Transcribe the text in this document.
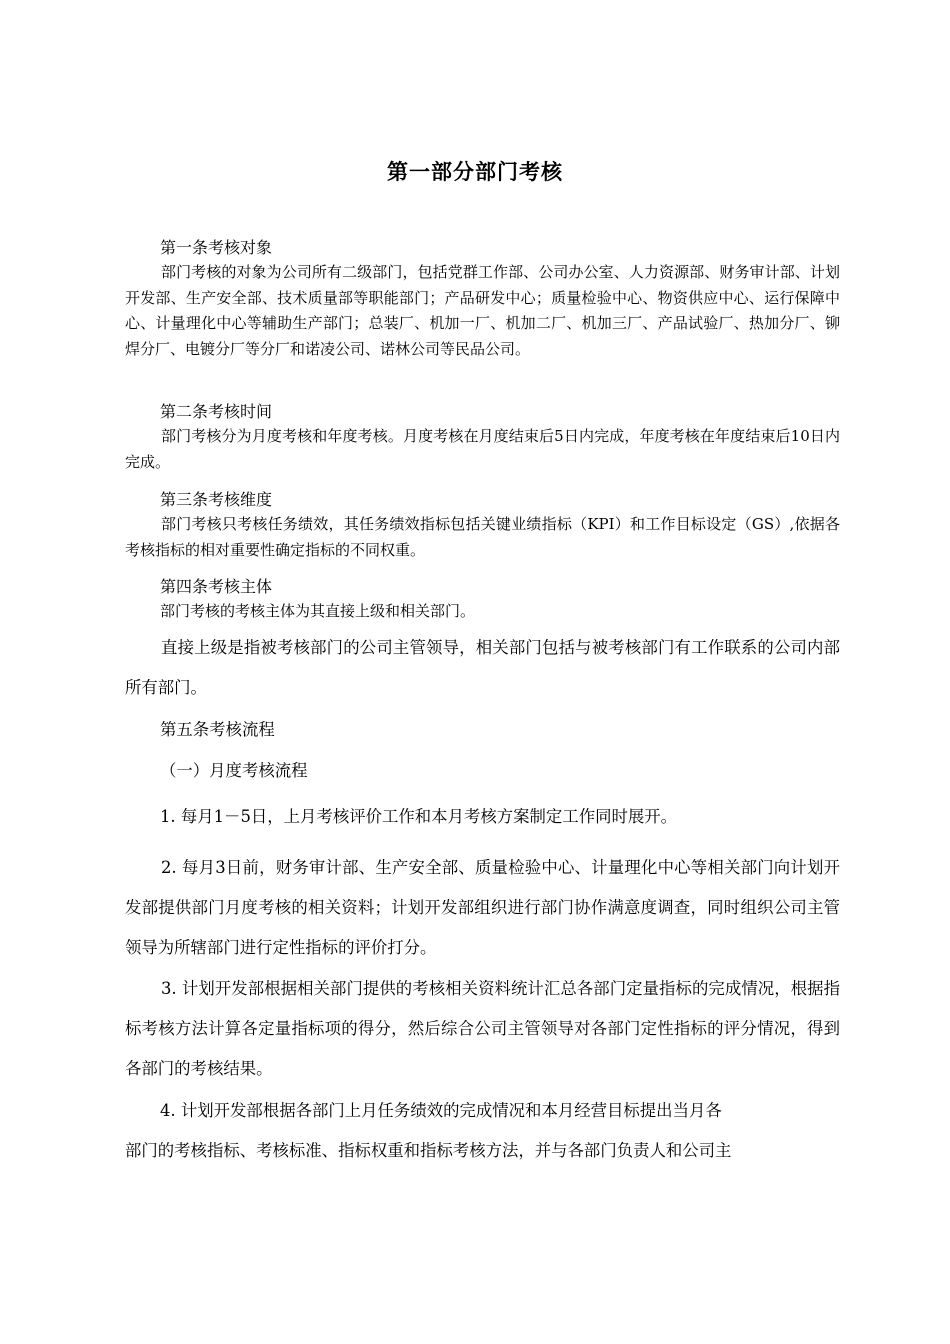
第一部分部门考核
第一条考核对象

部门考核的对象为公司所有二级部门，包括党群工作部、公司办公室、人力资源部、财务审计部、计划开发部、生产安全部、技术质量部等职能部门；产品研发中心；质量检验中心、物资供应中心、运行保障中心、计量理化中心等辅助生产部门；总装厂、机加一厂、机加二厂、机加三厂、产品试验厂、热加分厂、铆焊分厂、电镀分厂等分厂和诺凌公司、诺林公司等民品公司。

第二条考核时间

部门考核分为月度考核和年度考核。月度考核在月度结束后5日内完成，年度考核在年度结束后10日内完成。

第三条考核维度

部门考核只考核任务绩效，其任务绩效指标包括关键业绩指标（KPI）和工作目标设定（GS）,依据各考核指标的相对重要性确定指标的不同权重。

第四条考核主体
部门考核的考核主体为其直接上级和相关部门。

直接上级是指被考核部门的公司主管领导，相关部门包括与被考核部门有工作联系的公司内部所有部门。

第五条考核流程
（一）月度考核流程
1. 每月1－5日，上月考核评价工作和本月考核方案制定工作同时展开。

2. 每月3日前，财务审计部、生产安全部、质量检验中心、计量理化中心等相关部门向计划开发部提供部门月度考核的相关资料；计划开发部组织进行部门协作满意度调查，同时组织公司主管领导为所辖部门进行定性指标的评价打分。

3. 计划开发部根据相关部门提供的考核相关资料统计汇总各部门定量指标的完成情况，根据指标考核方法计算各定量指标项的得分，然后综合公司主管领导对各部门定性指标的评分情况，得到各部门的考核结果。

4. 计划开发部根据各部门上月任务绩效的完成情况和本月经营目标提出当月各
部门的考核指标、考核标准、指标权重和指标考核方法，并与各部门负责人和公司主
